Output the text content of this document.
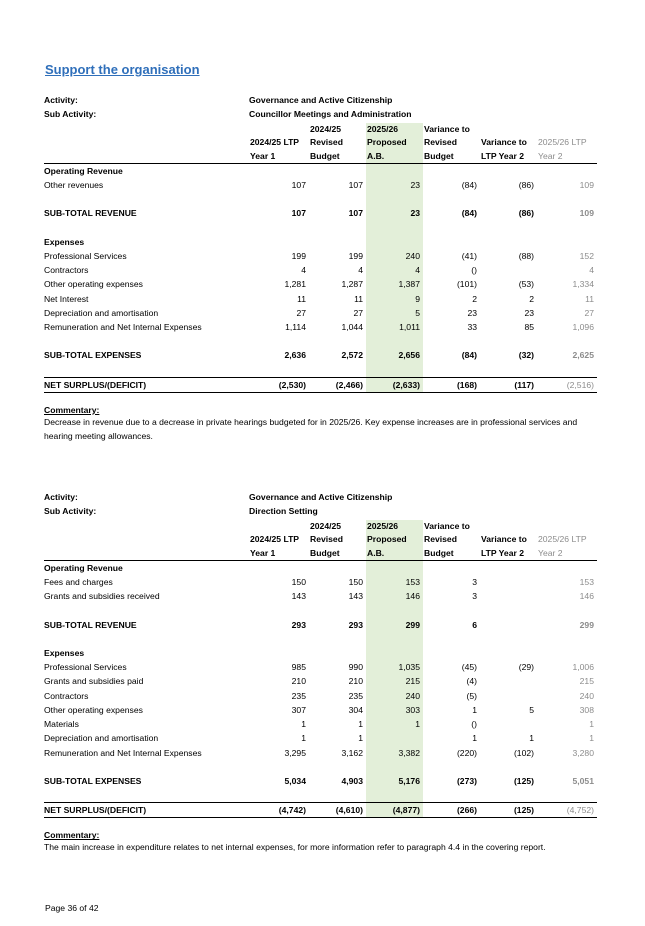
Support the organisation
Activity:	Governance and Active Citizenship
Sub Activity:	Councillor Meetings and Administration
		2024/25	2025/26	Variance to		
	2024/25 LTP	Revised	Proposed	Revised	Variance to	2025/26 LTP
	Year 1	Budget	A.B.	Budget	LTP Year 2	Year 2
Operating Revenue						
Other revenues	107	107	23	(84)	(86)	109

SUB-TOTAL REVENUE	107	107	23	(84)	(86)	109

Expenses						
Professional Services	199	199	240	(41)	(88)	152
Contractors	4	4	4	()		4
Other operating expenses	1,281	1,287	1,387	(101)	(53)	1,334
Net Interest	11	11	9	2	2	11
Depreciation and amortisation	27	27	5	23	23	27
Remuneration and Net Internal Expenses	1,114	1,044	1,011	33	85	1,096

SUB-TOTAL EXPENSES	2,636	2,572	2,656	(84)	(32)	2,625

NET SURPLUS/(DEFICIT)	(2,530)	(2,466)	(2,633)	(168)	(117)	(2,516)
Commentary:
Decrease in revenue due to a decrease in private hearings budgeted for in 2025/26. Key expense increases are in professional services and hearing meeting allowances.
Activity:	Governance and Active Citizenship
Sub Activity:	Direction Setting
		2024/25	2025/26	Variance to		
	2024/25 LTP	Revised	Proposed	Revised	Variance to	2025/26 LTP
	Year 1	Budget	A.B.	Budget	LTP Year 2	Year 2
Operating Revenue						
Fees and charges	150	150	153	3		153
Grants and subsidies received	143	143	146	3		146

SUB-TOTAL REVENUE	293	293	299	6		299

Expenses						
Professional Services	985	990	1,035	(45)	(29)	1,006
Grants and subsidies paid	210	210	215	(4)		215
Contractors	235	235	240	(5)		240
Other operating expenses	307	304	303	1	5	308
Materials	1	1	1	()		1
Depreciation and amortisation	1	1		1	1	1
Remuneration and Net Internal Expenses	3,295	3,162	3,382	(220)	(102)	3,280

SUB-TOTAL EXPENSES	5,034	4,903	5,176	(273)	(125)	5,051

NET SURPLUS/(DEFICIT)	(4,742)	(4,610)	(4,877)	(266)	(125)	(4,752)
Commentary:
The main increase in expenditure relates to net internal expenses, for more information refer to paragraph 4.4 in the covering report.
Page 36 of 42
